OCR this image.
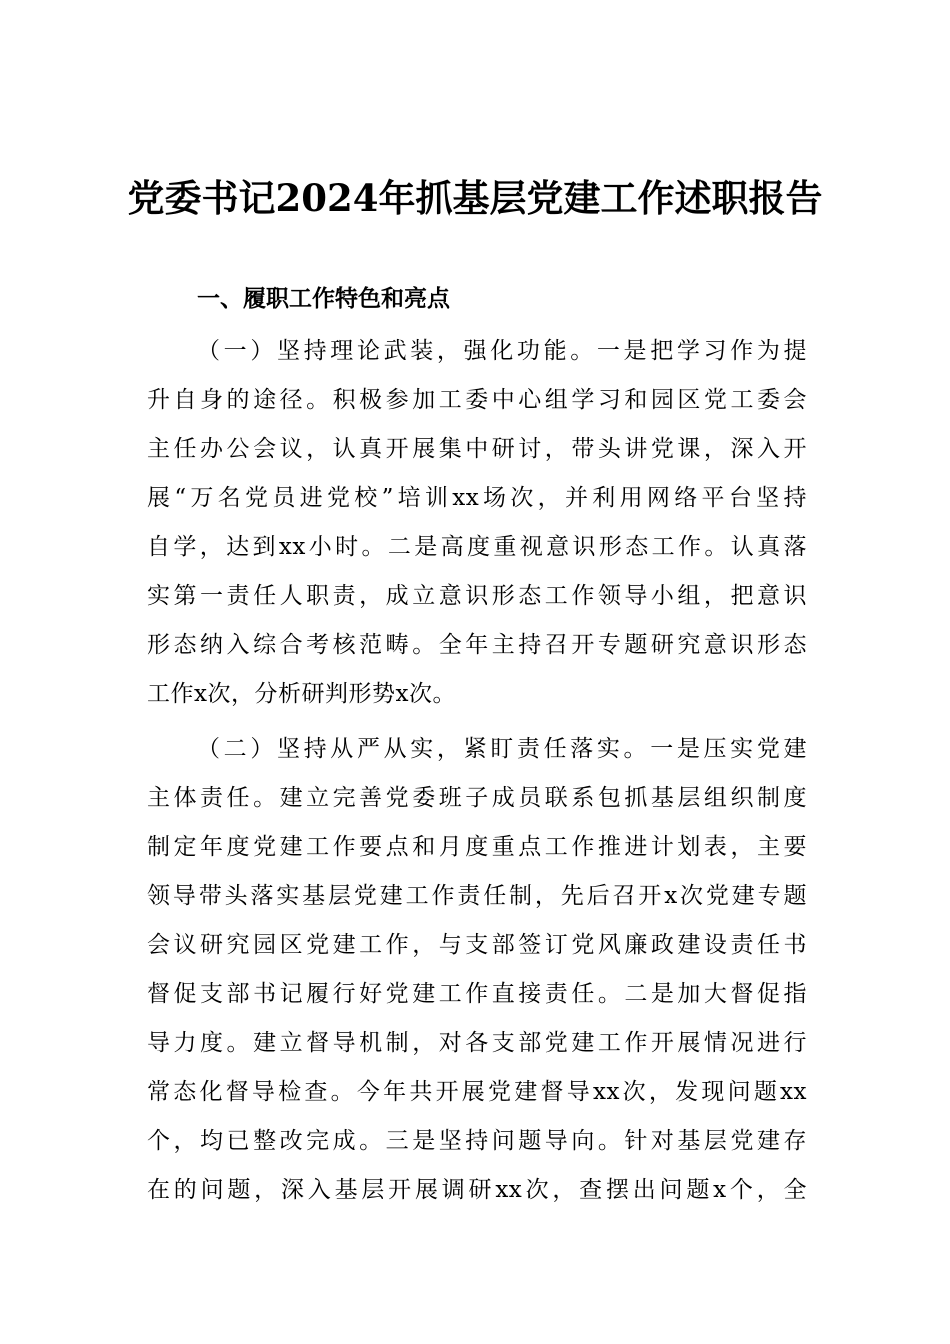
党委书记2024年抓基层党建工作述职报告
一、履职工作特色和亮点
（一）坚持理论武装，强化功能。一是把学习作为提
升自身的途径。积极参加工委中心组学习和园区党工委会
主任办公会议，认真开展集中研讨，带头讲党课，深入开
展“万名党员进党校”培训xx场次，并利用网络平台坚持
自学，达到xx小时。二是高度重视意识形态工作。认真落
实第一责任人职责，成立意识形态工作领导小组，把意识
形态纳入综合考核范畴。全年主持召开专题研究意识形态
工作x次，分析研判形势x次。
（二）坚持从严从实，紧盯责任落实。一是压实党建
主体责任。建立完善党委班子成员联系包抓基层组织制度
制定年度党建工作要点和月度重点工作推进计划表，主要
领导带头落实基层党建工作责任制，先后召开x次党建专题
会议研究园区党建工作，与支部签订党风廉政建设责任书
督促支部书记履行好党建工作直接责任。二是加大督促指
导力度。建立督导机制，对各支部党建工作开展情况进行
常态化督导检查。今年共开展党建督导xx次，发现问题xx
个，均已整改完成。三是坚持问题导向。针对基层党建存
在的问题，深入基层开展调研xx次，查摆出问题x个，全
